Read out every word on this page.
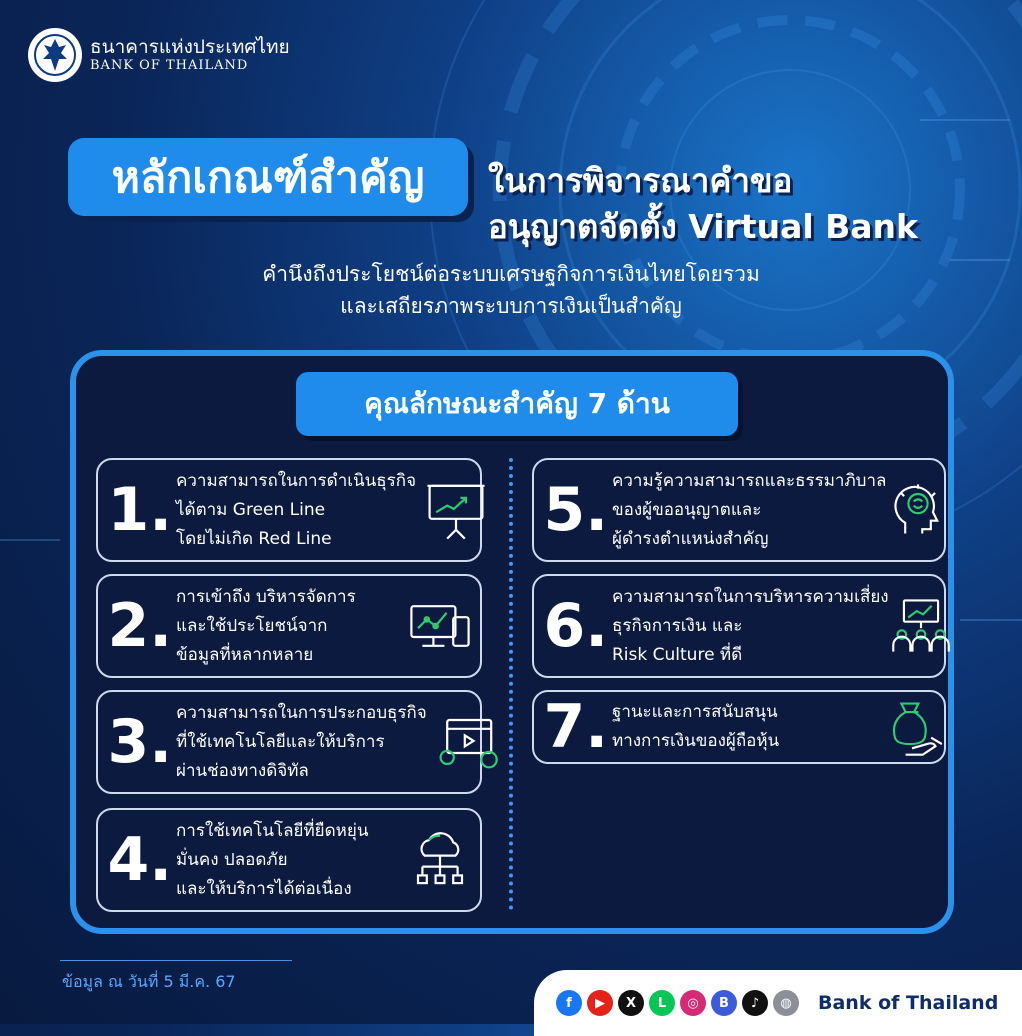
ธนาคารแห่งประเทศไทย
BANK OF THAILAND
หลักเกณฑ์สำคัญ	ในการพิจารณาคำขอ
อนุญาตจัดตั้ง Virtual Bank
คำนึงถึงประโยชน์ต่อระบบเศรษฐกิจการเงินไทยโดยรวม
และเสถียรภาพระบบการเงินเป็นสำคัญ
คุณลักษณะสำคัญ 7 ด้าน
1. ความสามารถในการดำเนินธุรกิจ
ได้ตาม Green Line
โดยไม่เกิด Red Line
2. การเข้าถึง บริหารจัดการ
และใช้ประโยชน์จาก
ข้อมูลที่หลากหลาย
3. ความสามารถในการประกอบธุรกิจ
ที่ใช้เทคโนโลยีและให้บริการ
ผ่านช่องทางดิจิทัล
4. การใช้เทคโนโลยีที่ยืดหยุ่น
มั่นคง ปลอดภัย
และให้บริการได้ต่อเนื่อง
5. ความรู้ความสามารถและธรรมาภิบาล
ของผู้ขออนุญาตและ
ผู้ดำรงตำแหน่งสำคัญ
6. ความสามารถในการบริหารความเสี่ยง
ธุรกิจการเงิน และ
Risk Culture ที่ดี
7. ฐานะและการสนับสนุน
ทางการเงินของผู้ถือหุ้น
ข้อมูล ณ วันที่ 5 มี.ค. 67
f	▶	X	L	◎	B	♪	◍	Bank of Thailand
